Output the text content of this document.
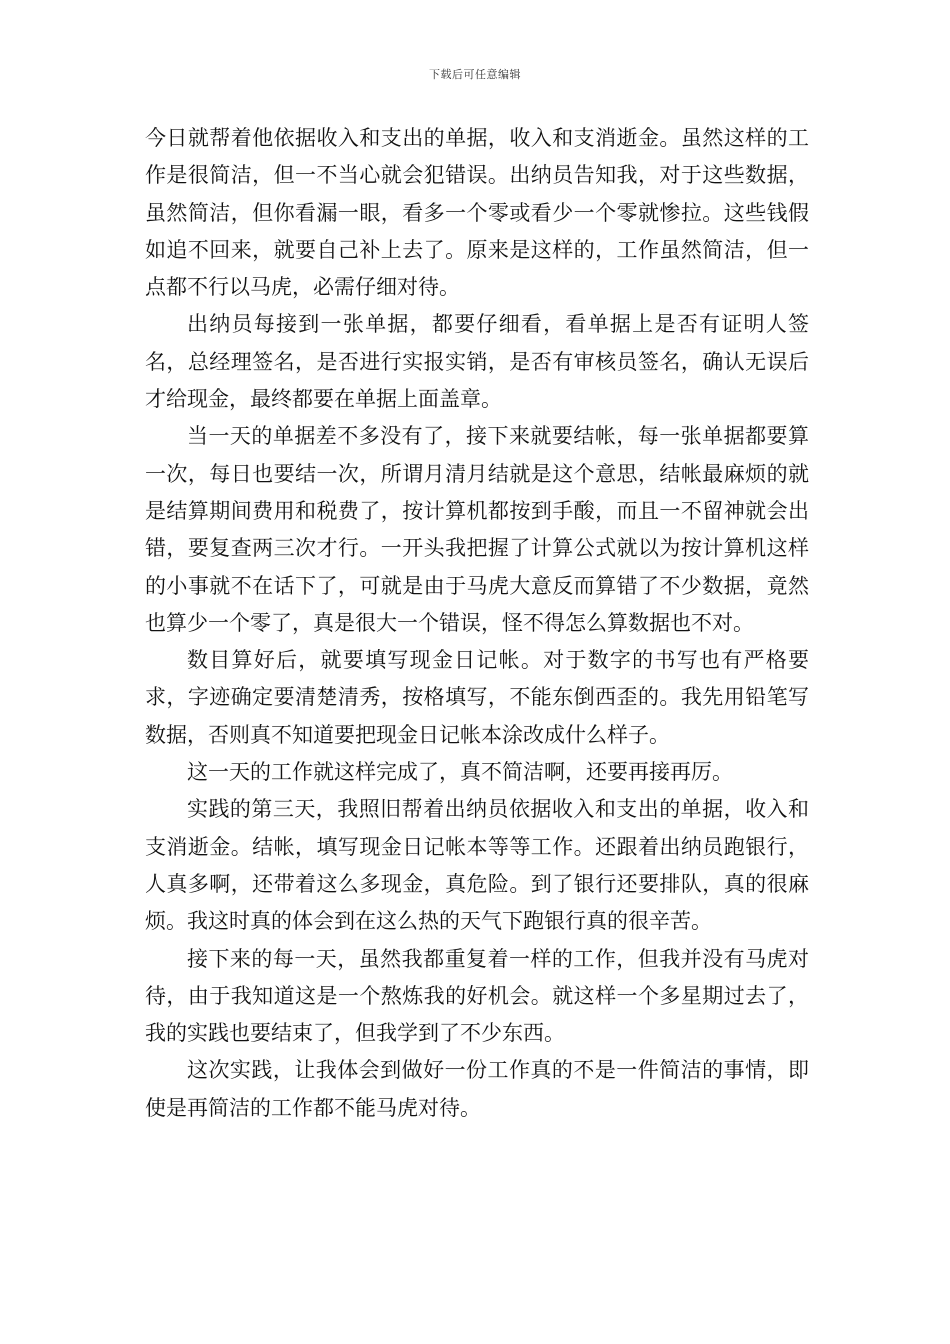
下载后可任意编辑

今日就帮着他依据收入和支出的单据，收入和支消逝金。虽然这样的工作是很简洁，但一不当心就会犯错误。出纳员告知我，对于这些数据，虽然简洁，但你看漏一眼，看多一个零或看少一个零就惨拉。这些钱假如追不回来，就要自己补上去了。原来是这样的，工作虽然简洁，但一点都不行以马虎，必需仔细对待。

出纳员每接到一张单据，都要仔细看，看单据上是否有证明人签名，总经理签名，是否进行实报实销，是否有审核员签名，确认无误后才给现金，最终都要在单据上面盖章。

当一天的单据差不多没有了，接下来就要结帐，每一张单据都要算一次，每日也要结一次，所谓月清月结就是这个意思，结帐最麻烦的就是结算期间费用和税费了，按计算机都按到手酸，而且一不留神就会出错，要复查两三次才行。一开头我把握了计算公式就以为按计算机这样的小事就不在话下了，可就是由于马虎大意反而算错了不少数据，竟然也算少一个零了，真是很大一个错误，怪不得怎么算数据也不对。

数目算好后，就要填写现金日记帐。对于数字的书写也有严格要求，字迹确定要清楚清秀，按格填写，不能东倒西歪的。我先用铅笔写数据，否则真不知道要把现金日记帐本涂改成什么样子。

这一天的工作就这样完成了，真不简洁啊，还要再接再厉。

实践的第三天，我照旧帮着出纳员依据收入和支出的单据，收入和支消逝金。结帐，填写现金日记帐本等等工作。还跟着出纳员跑银行，人真多啊，还带着这么多现金，真危险。到了银行还要排队，真的很麻烦。我这时真的体会到在这么热的天气下跑银行真的很辛苦。

接下来的每一天，虽然我都重复着一样的工作，但我并没有马虎对待，由于我知道这是一个熬炼我的好机会。就这样一个多星期过去了，我的实践也要结束了，但我学到了不少东西。

这次实践，让我体会到做好一份工作真的不是一件简洁的事情，即使是再简洁的工作都不能马虎对待。
